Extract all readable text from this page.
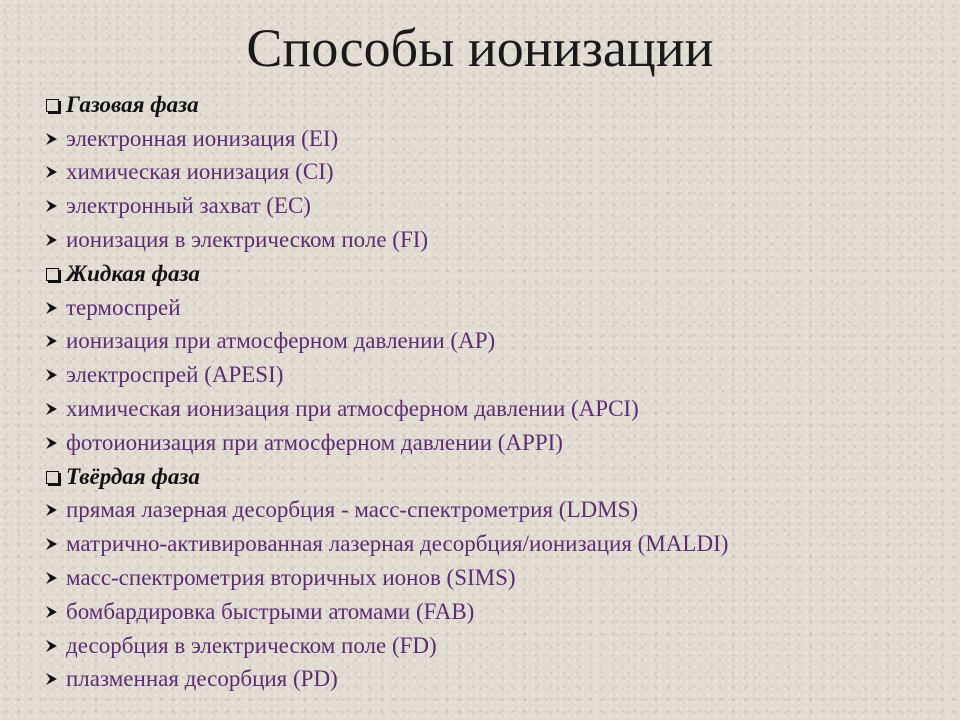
Способы ионизации
Газовая фаза
электронная ионизация (EI)
химическая ионизация (CI)
электронный захват (EC)
ионизация в электрическом поле (FI)
Жидкая фаза
термоспрей
ионизация при атмосферном давлении (AP)
электроспрей (APESI)
химическая ионизация при атмосферном давлении (APCI)
фотоионизация при атмосферном давлении (APPI)
Твёрдая фаза
прямая лазерная десорбция - масс-спектрометрия (LDMS)
матрично-активированная лазерная десорбция/ионизация (MALDI)
масс-спектрометрия вторичных ионов (SIMS)
бомбардировка быстрыми атомами (FAB)
десорбция в электрическом поле (FD)
плазменная десорбция (PD)
